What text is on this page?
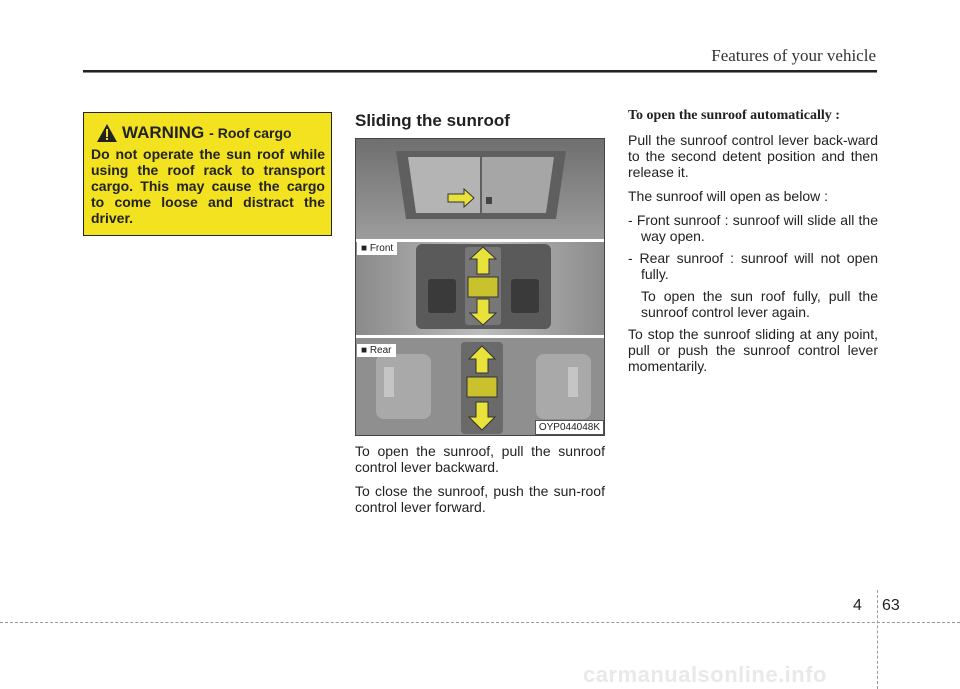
Features of your vehicle
WARNING - Roof cargo
Do not operate the sun roof while using the roof rack to transport cargo. This may cause the cargo to come loose and distract the driver.
Sliding the sunroof
■ Front
■ Rear
OYP044048K

To open the sunroof, pull the sunroof control lever backward.

To close the sunroof, push the sun-roof control lever forward.

To open the sunroof automatically :

Pull the sunroof control lever back-ward to the second detent position and then release it.

The sunroof will open as below :

- Front sunroof : sunroof will slide all the way open.
- Rear sunroof : sunroof will not open fully.
To open the sun roof fully, pull the sunroof control lever again.

To stop the sunroof sliding at any point, pull or push the sunroof control lever momentarily.

4 63
carmanualsonline.info
